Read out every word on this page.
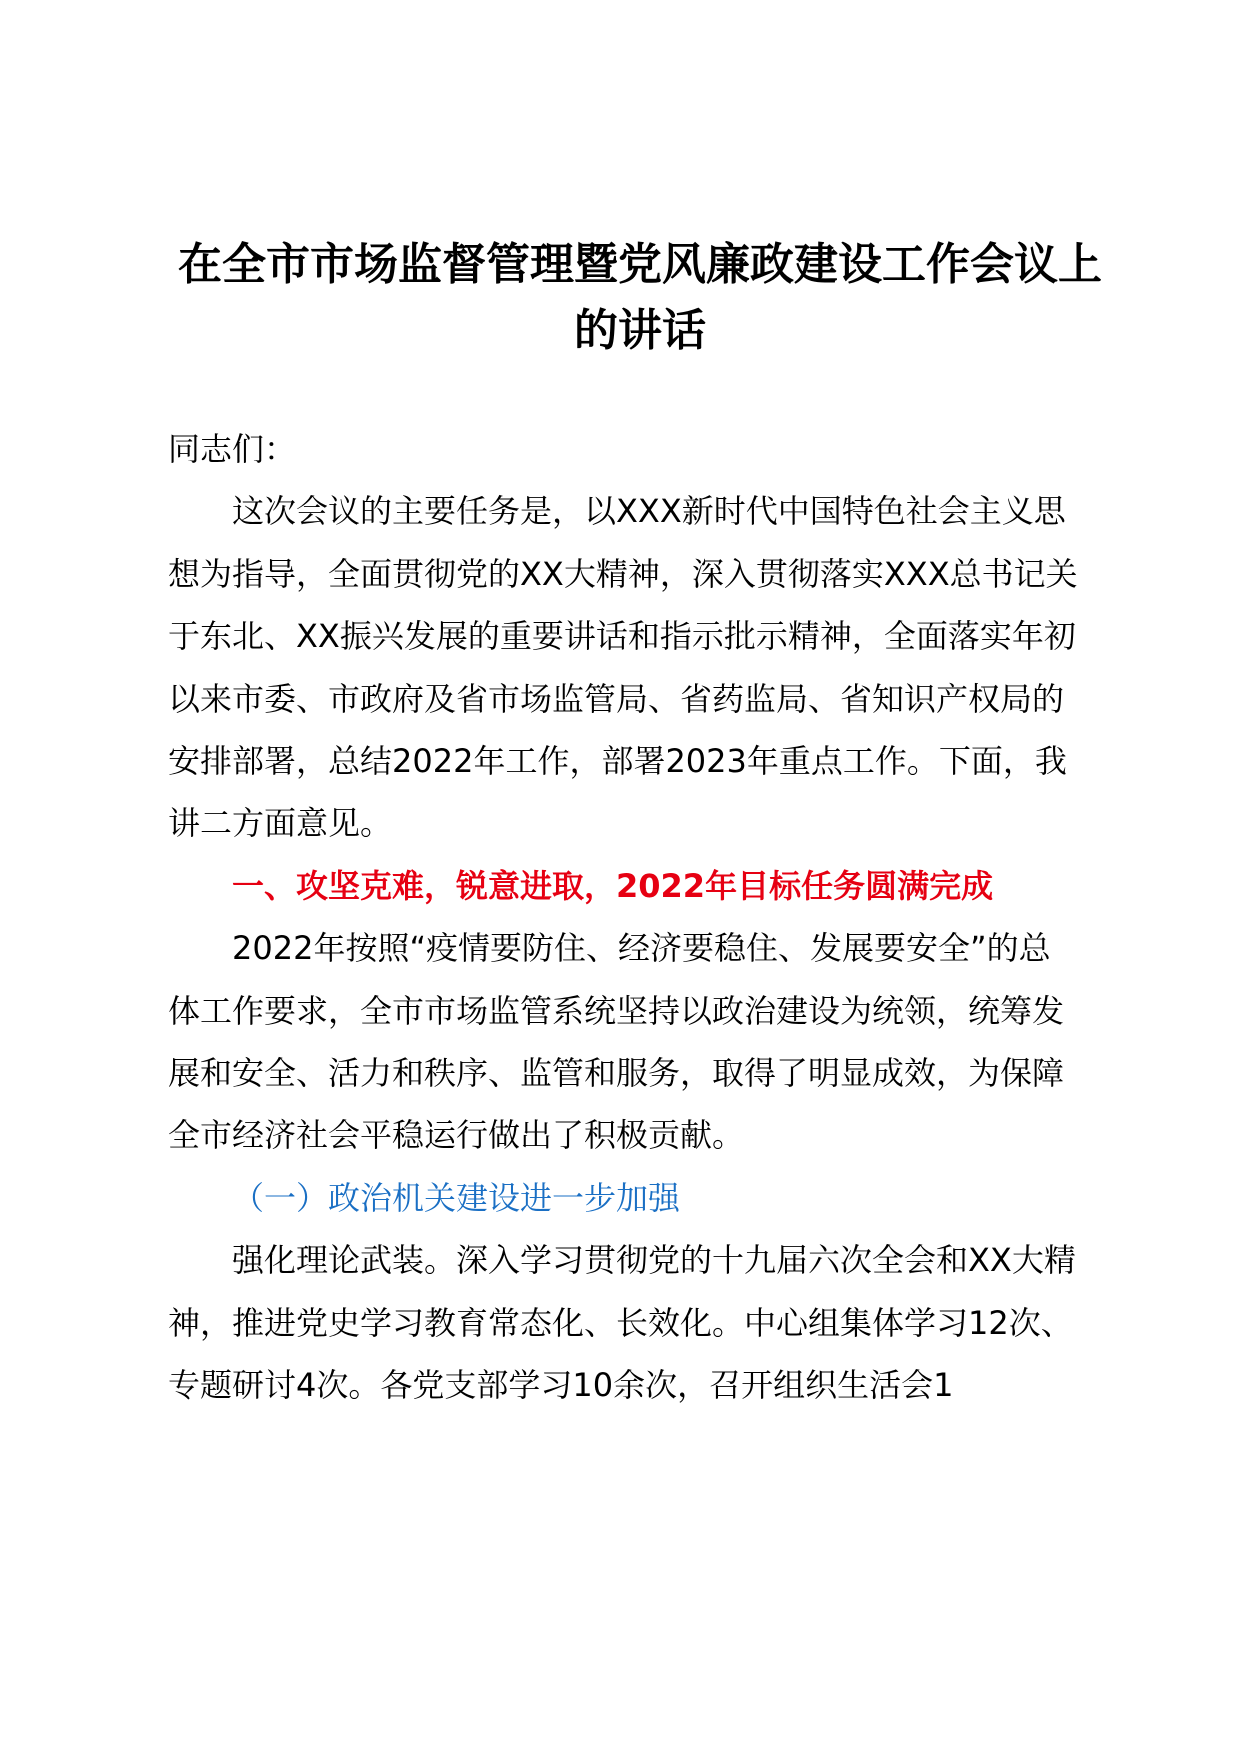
在全市市场监督管理暨党风廉政建设工作会议上
的讲话

同志们：

这次会议的主要任务是，以XXX新时代中国特色社会主义思
想为指导，全面贯彻党的XX大精神，深入贯彻落实XXX总书记关
于东北、XX振兴发展的重要讲话和指示批示精神，全面落实年初
以来市委、市政府及省市场监管局、省药监局、省知识产权局的
安排部署，总结2022年工作，部署2023年重点工作。下面，我
讲二方面意见。

一、攻坚克难，锐意进取，2022年目标任务圆满完成

2022年按照“疫情要防住、经济要稳住、发展要安全”的总
体工作要求，全市市场监管系统坚持以政治建设为统领，统筹发
展和安全、活力和秩序、监管和服务，取得了明显成效，为保障
全市经济社会平稳运行做出了积极贡献。

（一）政治机关建设进一步加强

强化理论武装。深入学习贯彻党的十九届六次全会和XX大精
神，推进党史学习教育常态化、长效化。中心组集体学习12次、
专题研讨4次。各党支部学习10余次，召开组织生活会1
